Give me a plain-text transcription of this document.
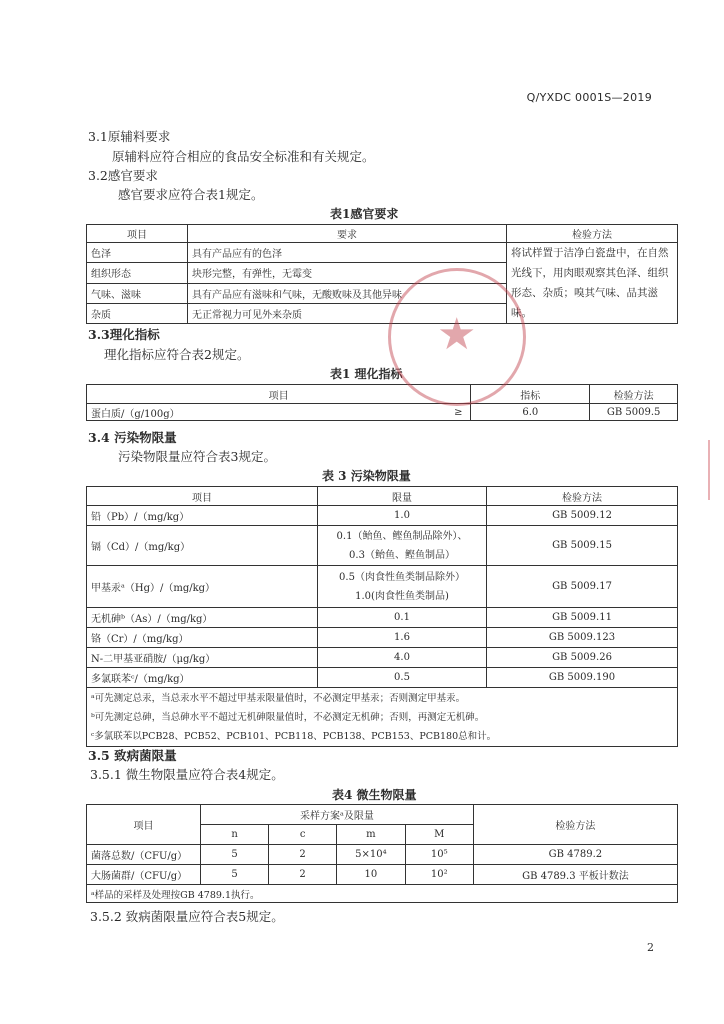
Q/YXDC 0001S—2019
3.1原辅料要求
原辅料应符合相应的食品安全标准和有关规定。
3.2感官要求
感官要求应符合表1规定。
表1感官要求
项目	要求	检验方法
色泽	具有产品应有的色泽	将试样置于洁净白瓷盘中，在自然光线下，用肉眼观察其色泽、组织形态、杂质；嗅其气味、品其滋味。
组织形态	块形完整，有弹性，无霉变	
气味、滋味	具有产品应有滋味和气味，无酸败味及其他异味	
杂质	无正常视力可见外来杂质	
3.3理化指标
理化指标应符合表2规定。
表1 理化指标
项目		指标	检验方法
蛋白质/（g/100g）	≥	6.0	GB 5009.5
3.4 污染物限量
污染物限量应符合表3规定。
表 3 污染物限量
项目	限量	检验方法
铅（Pb）/（mg/kg）	1.0	GB 5009.12
镉（Cd）/（mg/kg）	0.1（鲐鱼、鲣鱼制品除外）、
0.3（鲐鱼、鲣鱼制品）	GB 5009.15
甲基汞ᵃ（Hg）/（mg/kg）	0.5（肉食性鱼类制品除外）
1.0(肉食性鱼类制品)	GB 5009.17
无机砷ᵇ（As）/（mg/kg）	0.1	GB 5009.11
铬（Cr）/（mg/kg）	1.6	GB 5009.123
N-二甲基亚硝胺/（μg/kg）	4.0	GB 5009.26
多氯联苯ᶜ/（mg/kg）	0.5	GB 5009.190

ᵃ可先测定总汞，当总汞水平不超过甲基汞限量值时，不必测定甲基汞；否则测定甲基汞。
ᵇ可先测定总砷，当总砷水平不超过无机砷限量值时，不必测定无机砷；否则，再测定无机砷。
ᶜ多氯联苯以PCB28、PCB52、PCB101、PCB118、PCB138、PCB153、PCB180总和计。		
3.5 致病菌限量
3.5.1 微生物限量应符合表4规定。
表4 微生物限量
项目	采样方案ᵃ及限量				检验方法
	n	c	m	M	
菌落总数/（CFU/g）	5	2	5×10⁴	10⁵	GB 4789.2
大肠菌群/（CFU/g）	5	2	10	10²	GB 4789.3 平板计数法
ᵃ样品的采样及处理按GB 4789.1执行。					
3.5.2 致病菌限量应符合表5规定。
2
★
